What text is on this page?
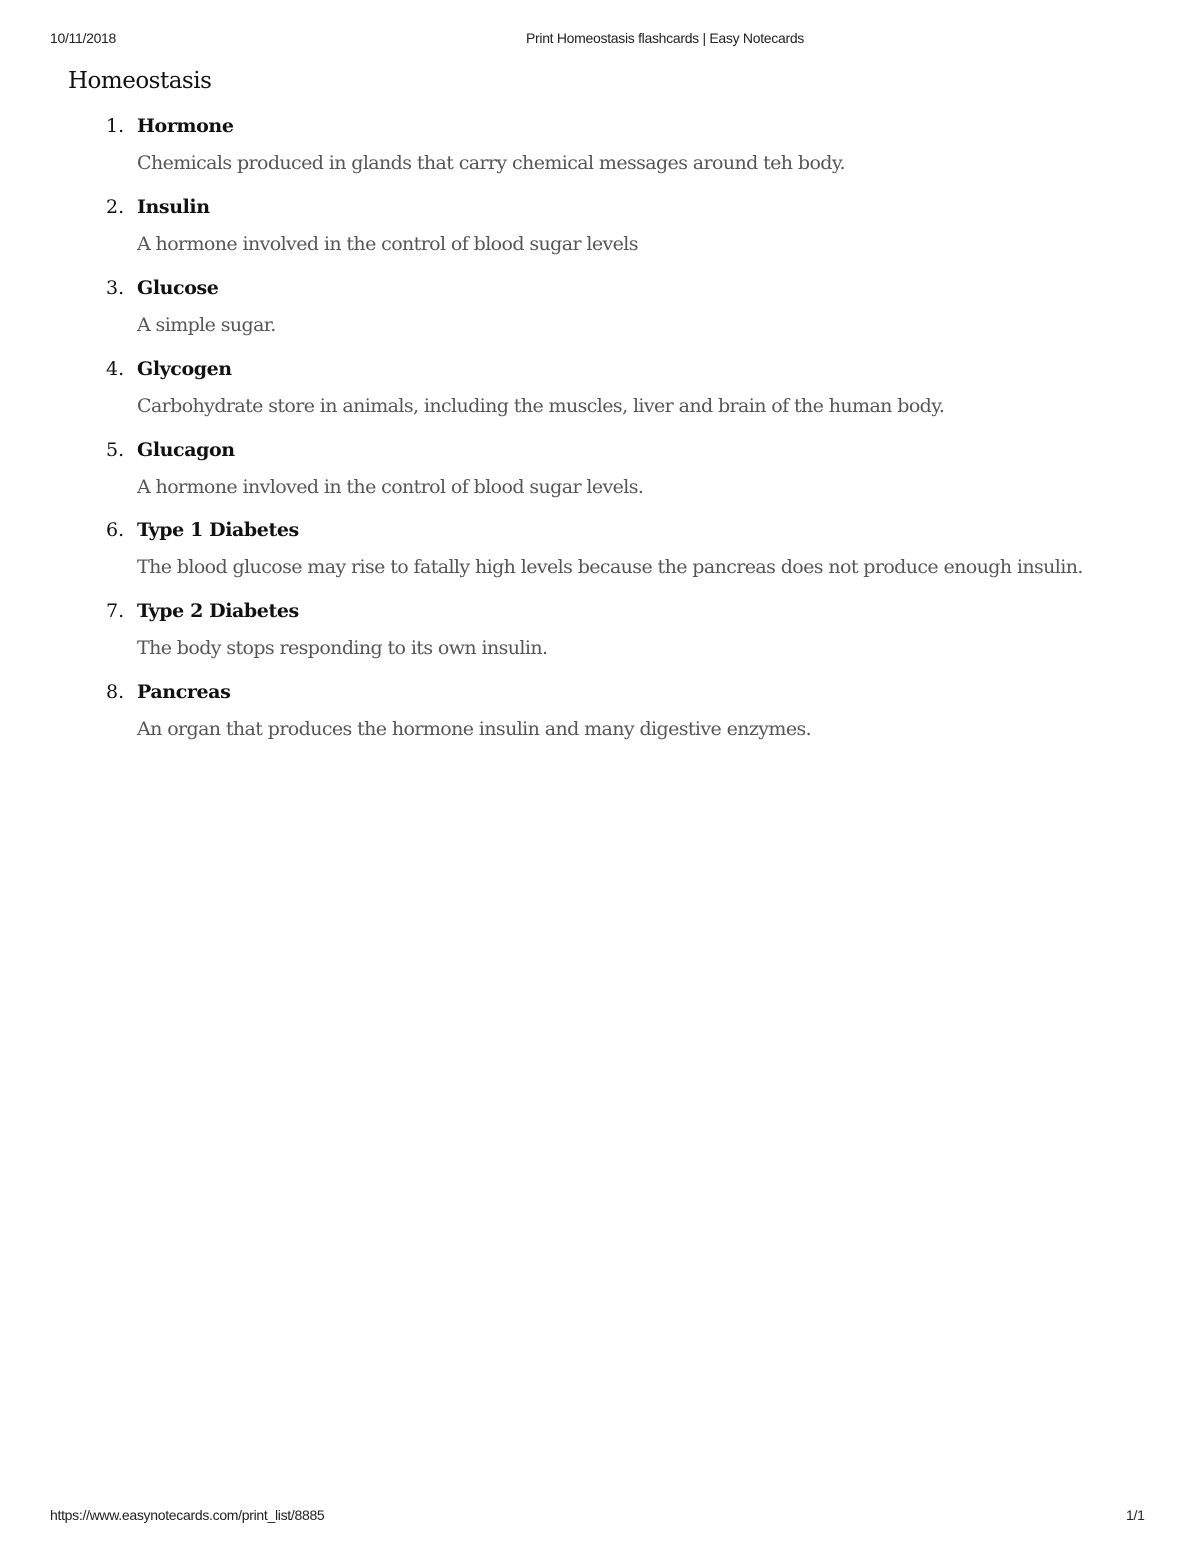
10/11/2018	Print Homeostasis flashcards | Easy Notecards
Homeostasis
1. Hormone
Chemicals produced in glands that carry chemical messages around teh body.
2. Insulin
A hormone involved in the control of blood sugar levels
3. Glucose
A simple sugar.
4. Glycogen
Carbohydrate store in animals, including the muscles, liver and brain of the human body.
5. Glucagon
A hormone invloved in the control of blood sugar levels.
6. Type 1 Diabetes
The blood glucose may rise to fatally high levels because the pancreas does not produce enough insulin.
7. Type 2 Diabetes
The body stops responding to its own insulin.
8. Pancreas
An organ that produces the hormone insulin and many digestive enzymes.
https://www.easynotecards.com/print_list/8885	1/1
